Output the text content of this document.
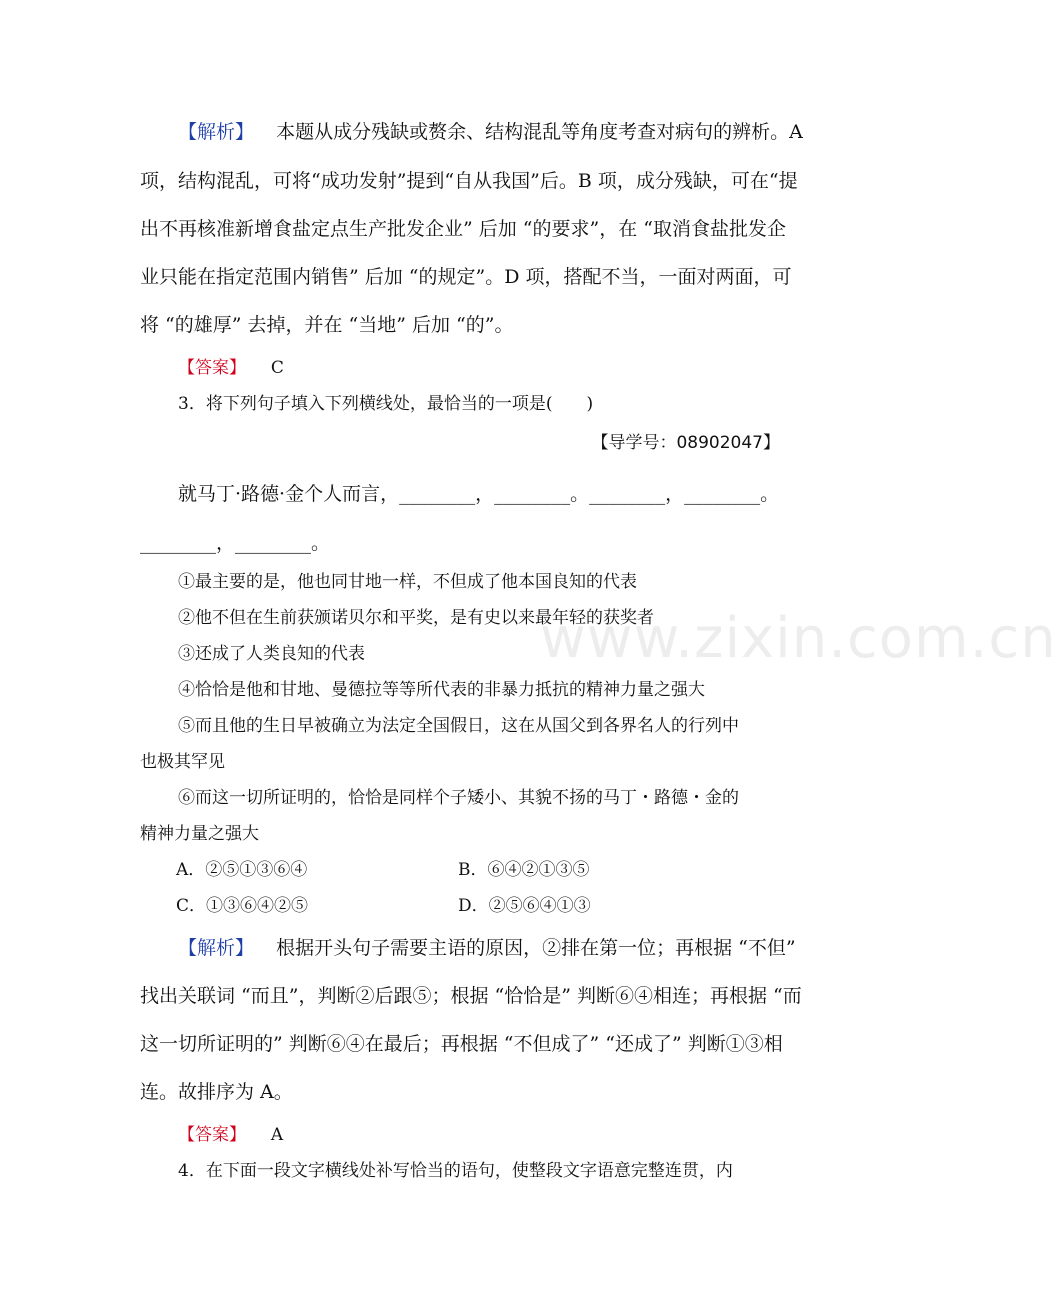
www.zixin.com.cn
【解析】 本题从成分残缺或赘余、结构混乱等角度考查对病句的辨析。A
项，结构混乱，可将“成功发射”提到“自从我国”后。B 项，成分残缺，可在“提
出不再核准新增食盐定点生产批发企业” 后加 “的要求”，在 “取消食盐批发企
业只能在指定范围内销售” 后加 “的规定”。D 项，搭配不当，一面对两面，可
将 “的雄厚” 去掉，并在 “当地” 后加 “的”。
【答案】 C
3．将下列句子填入下列横线处，最恰当的一项是(　　)
【导学号：08902047】
就马丁·路德·金个人而言，________，________。________，________。
________，________。
①最主要的是，他也同甘地一样，不但成了他本国良知的代表
②他不但在生前获颁诺贝尔和平奖，是有史以来最年轻的获奖者
③还成了人类良知的代表
④恰恰是他和甘地、曼德拉等等所代表的非暴力抵抗的精神力量之强大
⑤而且他的生日早被确立为法定全国假日，这在从国父到各界名人的行列中
也极其罕见
⑥而这一切所证明的，恰恰是同样个子矮小、其貌不扬的马丁・路德・金的
精神力量之强大
A．②⑤①③⑥④	B．⑥④②①③⑤
C．①③⑥④②⑤	D．②⑤⑥④①③
【解析】 根据开头句子需要主语的原因，②排在第一位；再根据 “不但”
找出关联词 “而且”，判断②后跟⑤；根据 “恰恰是” 判断⑥④相连；再根据 “而
这一切所证明的” 判断⑥④在最后；再根据 “不但成了” “还成了” 判断①③相
连。故排序为 A。
【答案】 A
4．在下面一段文字横线处补写恰当的语句，使整段文字语意完整连贯，内
